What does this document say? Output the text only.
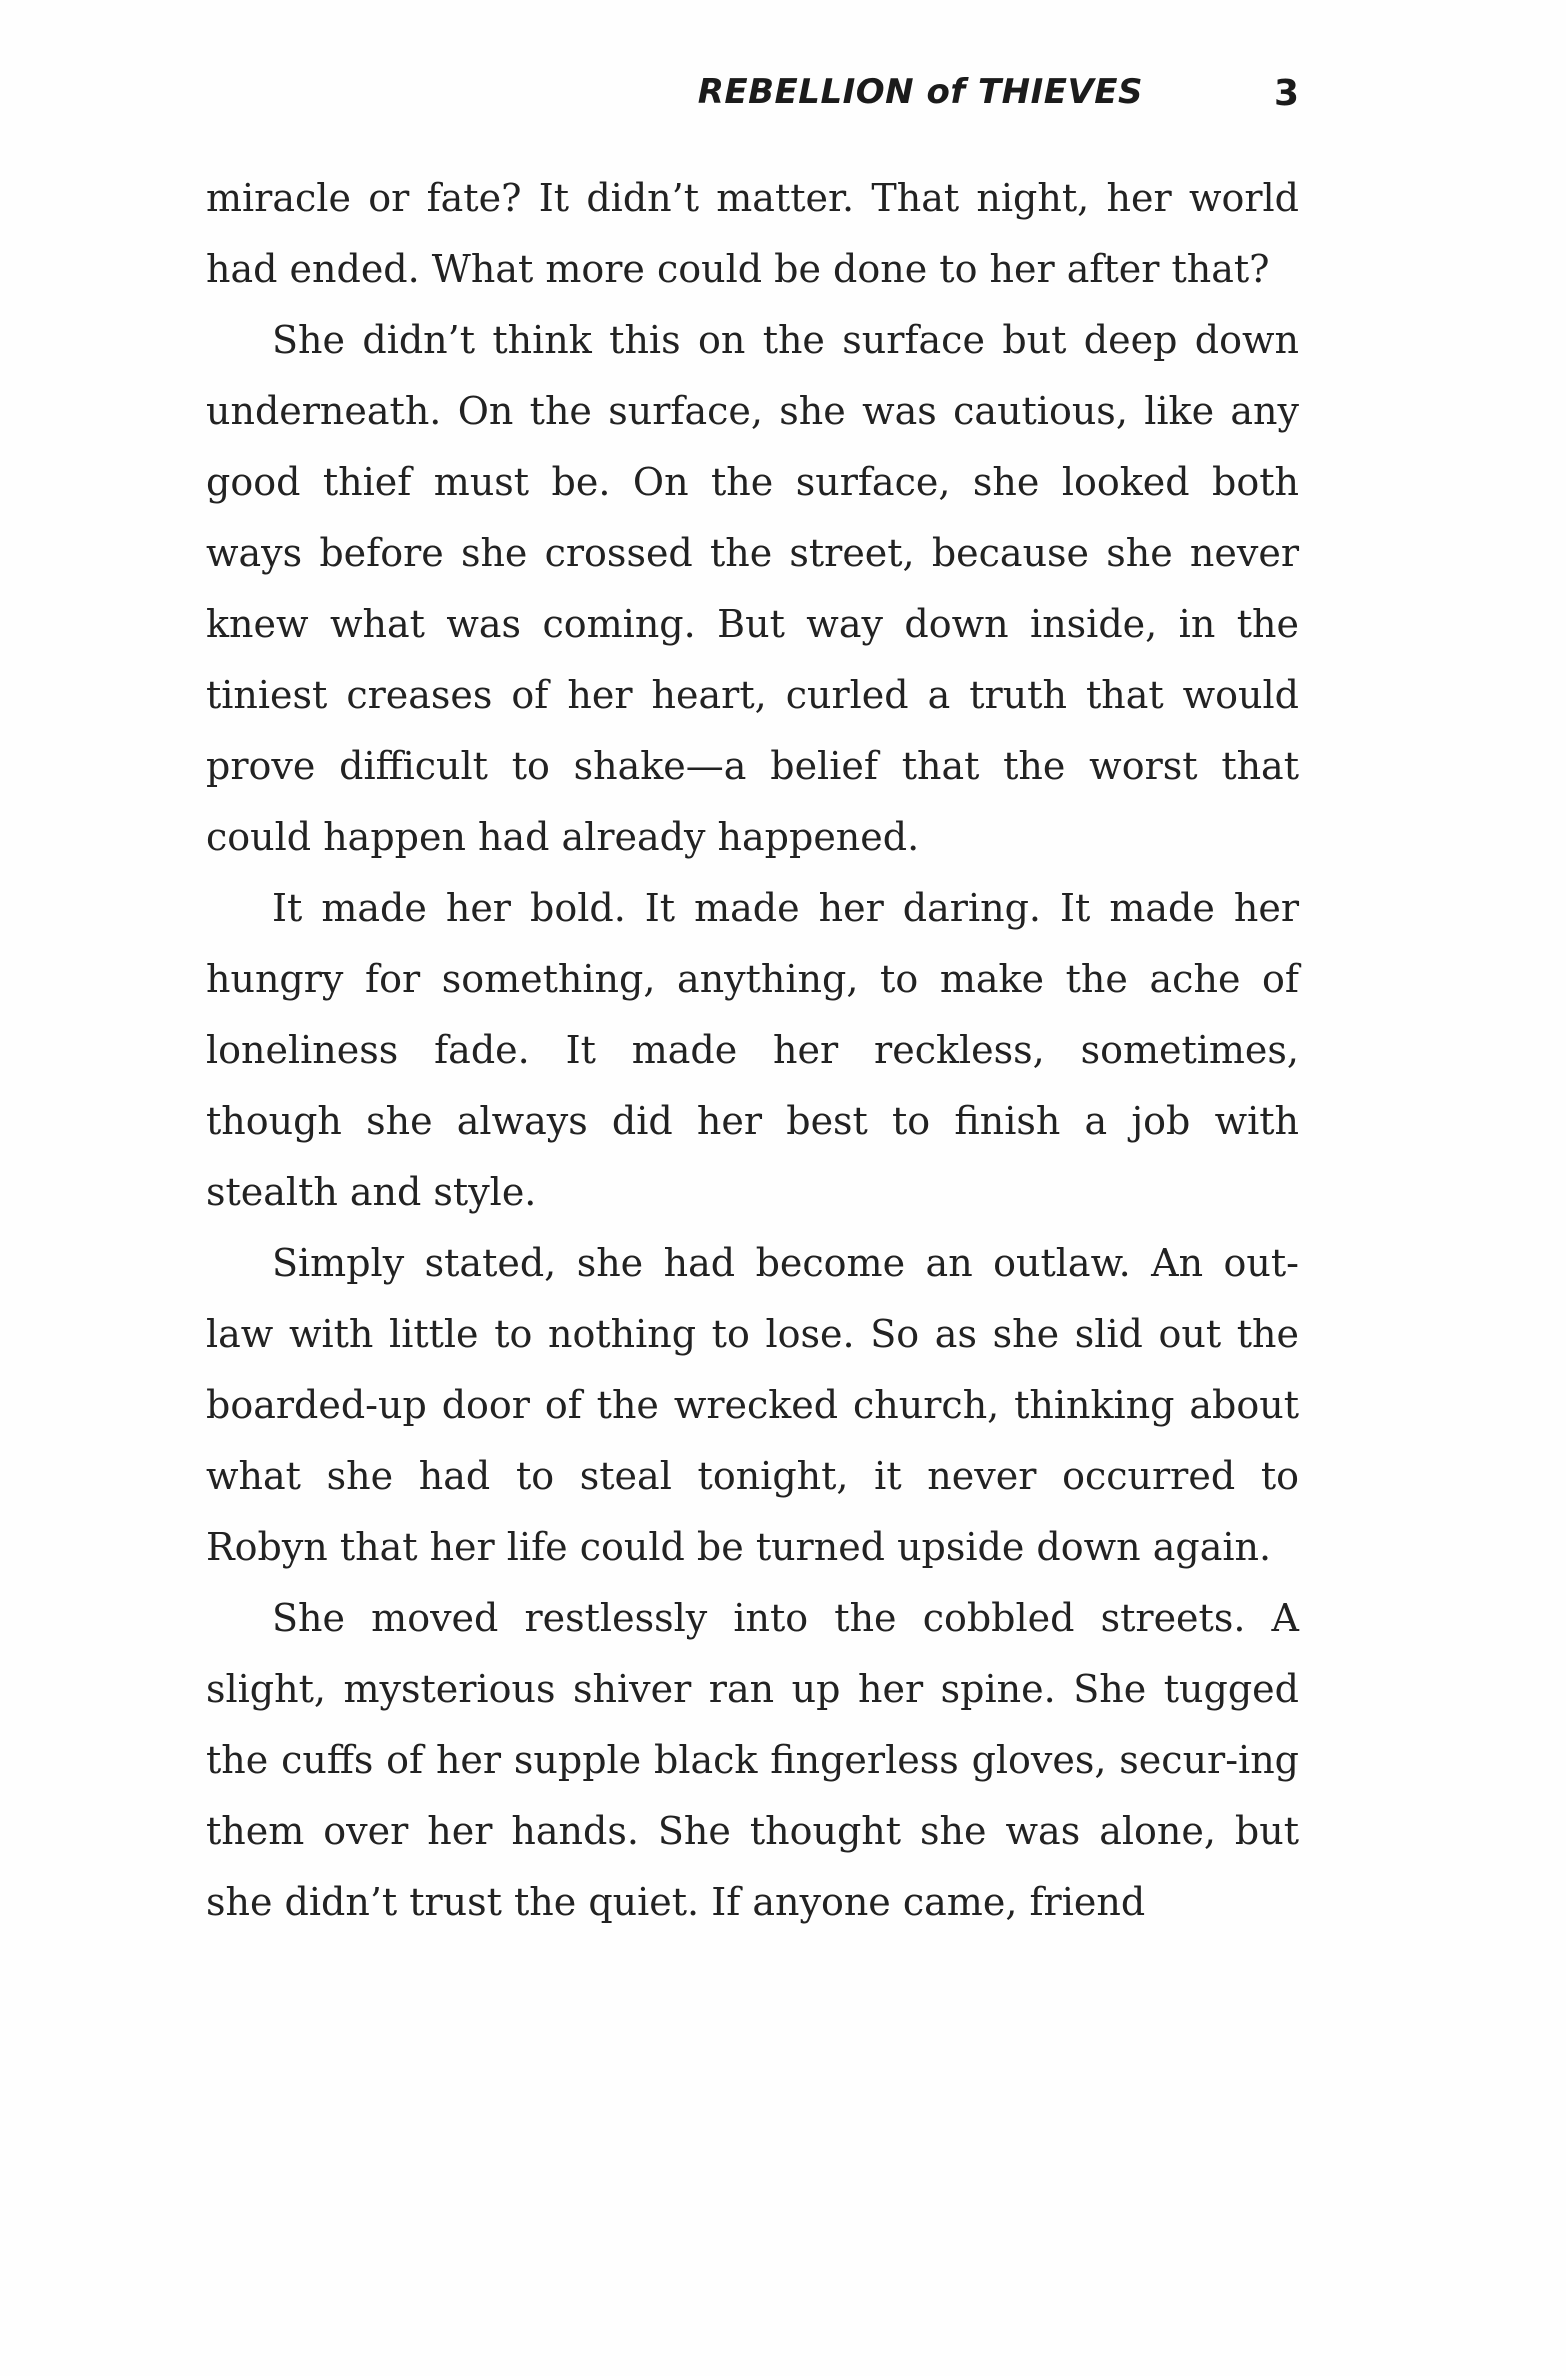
REBELLION of THIEVES	3

miracle or fate? It didn’t matter. That night, her world had ended. What more could be done to her after that?

She didn’t think this on the surface but deep down underneath. On the surface, she was cautious, like any good thief must be. On the surface, she looked both ways before she crossed the street, because she never knew what was coming. But way down inside, in the tiniest creases of her heart, curled a truth that would prove difficult to shake—a belief that the worst that could happen had already happened.

It made her bold. It made her daring. It made her hungry for something, anything, to make the ache of loneliness fade. It made her reckless, sometimes, though she always did her best to finish a job with stealth and style.

Simply stated, she had become an outlaw. An out-law with little to nothing to lose. So as she slid out the boarded-up door of the wrecked church, thinking about what she had to steal tonight, it never occurred to Robyn that her life could be turned upside down again.

She moved restlessly into the cobbled streets. A slight, mysterious shiver ran up her spine. She tugged the cuffs of her supple black fingerless gloves, secur-ing them over her hands. She thought she was alone, but she didn’t trust the quiet. If anyone came, friend
